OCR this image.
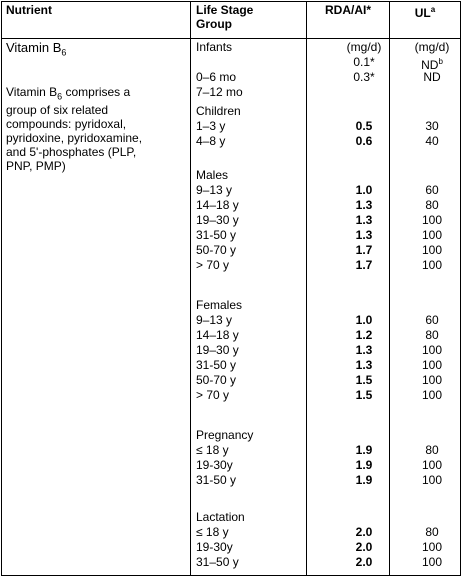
Nutrient	Life Stage
Group
RDA/AI*	$UL^a$
Vitamin $B_6$
Vitamin $B_6$ comprises a
group of six related
compounds: pyridoxal,
pyridoxine, pyridoxamine,
and 5'-phosphates (PLP,
PNP, PMP)
Infants
0–6 mo
7–12 mo
(mg/d)
0.1*
0.3*
(mg/d)
$ND^b$
ND
Children
1–3 y
4–8 y
0.5
0.6
30
40
Males
9–13 y
14–18 y
19–30 y
31-50 y
50-70 y
> 70 y
1.0
1.3
1.3
1.3
1.7
1.7
60
80
100
100
100
100
Females
9–13 y
14–18 y
19–30 y
31-50 y
50-70 y
> 70 y
1.0
1.2
1.3
1.3
1.5
1.5
60
80
100
100
100
100
Pregnancy
≤ 18 y
19-30y
31-50 y
1.9
1.9
1.9
80
100
100
Lactation
≤ 18 y
19-30y
31–50 y
2.0
2.0
2.0
80
100
100
